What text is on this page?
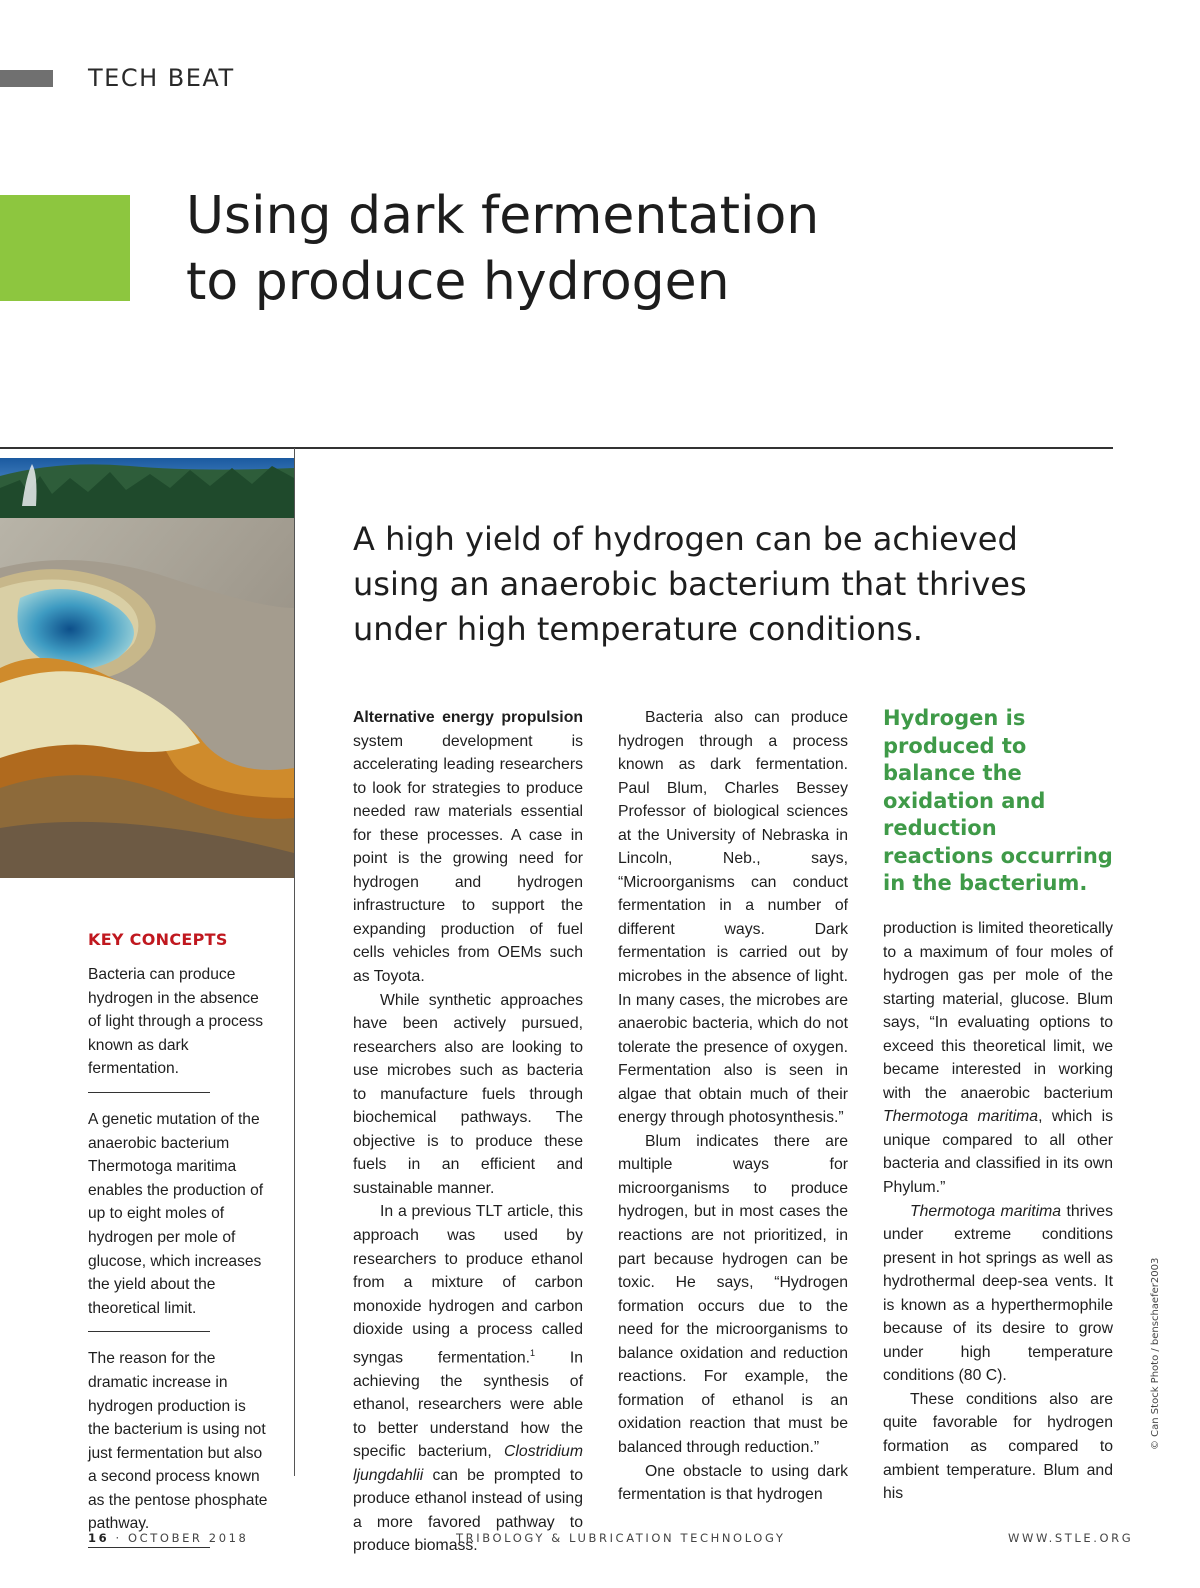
TECH BEAT
Using dark fermentation
to produce hydrogen
A high yield of hydrogen can be achieved using an anaerobic bacterium that thrives under high temperature conditions.
KEY CONCEPTS
Bacteria can produce hydrogen in the absence of light through a process known as dark fermentation.
A genetic mutation of the anaerobic bacterium Thermotoga maritima enables the production of up to eight moles of hydrogen per mole of glucose, which increases the yield about the theoretical limit.
The reason for the dramatic increase in hydrogen production is the bacterium is using not just fermentation but also a second process known as the pentose phosphate pathway.

Alternative energy propulsion system development is accelerating leading researchers to look for strategies to produce needed raw materials essential for these processes. A case in point is the growing need for hydrogen and hydrogen infrastructure to support the expanding production of fuel cells vehicles from OEMs such as Toyota.

While synthetic approaches have been actively pursued, researchers also are looking to use microbes such as bacteria to manufacture fuels through biochemical pathways. The objective is to produce these fuels in an efficient and sustainable manner.

In a previous TLT article, this approach was used by researchers to produce ethanol from a mixture of carbon monoxide hydrogen and carbon dioxide using a process called syngas fermentation.$^1$ In achieving the synthesis of ethanol, researchers were able to better understand how the specific bacterium, Clostridium ljungdahlii can be prompted to produce ethanol instead of using a more favored pathway to produce biomass.

Bacteria also can produce hydrogen through a process known as dark fermentation. Paul Blum, Charles Bessey Professor of biological sciences at the University of Nebraska in Lincoln, Neb., says, “Microorganisms can conduct fermentation in a number of different ways. Dark fermentation is carried out by microbes in the absence of light. In many cases, the microbes are anaerobic bacteria, which do not tolerate the presence of oxygen. Fermentation also is seen in algae that obtain much of their energy through photosynthesis.”

Blum indicates there are multiple ways for microorganisms to produce hydrogen, but in most cases the reactions are not prioritized, in part because hydrogen can be toxic. He says, “Hydrogen formation occurs due to the need for the microorganisms to balance oxidation and reduction reactions. For example, the formation of ethanol is an oxidation reaction that must be balanced through reduction.”

One obstacle to using dark fermentation is that hydrogen

Hydrogen is produced to balance the oxidation and reduction reactions occurring in the bacterium.

production is limited theoretically to a maximum of four moles of hydrogen gas per mole of the starting material, glucose. Blum says, “In evaluating options to exceed this theoretical limit, we became interested in working with the anaerobic bacterium Thermotoga maritima, which is unique compared to all other bacteria and classified in its own Phylum.”

Thermotoga maritima thrives under extreme conditions present in hot springs as well as hydrothermal deep-sea vents. It is known as a hyperthermophile because of its desire to grow under high temperature conditions (80 C).

These conditions also are quite favorable for hydrogen formation as compared to ambient temperature. Blum and his

© Can Stock Photo / benschaefer2003
16 · OCTOBER 2018	TRIBOLOGY & LUBRICATION TECHNOLOGY	WWW.STLE.ORG
